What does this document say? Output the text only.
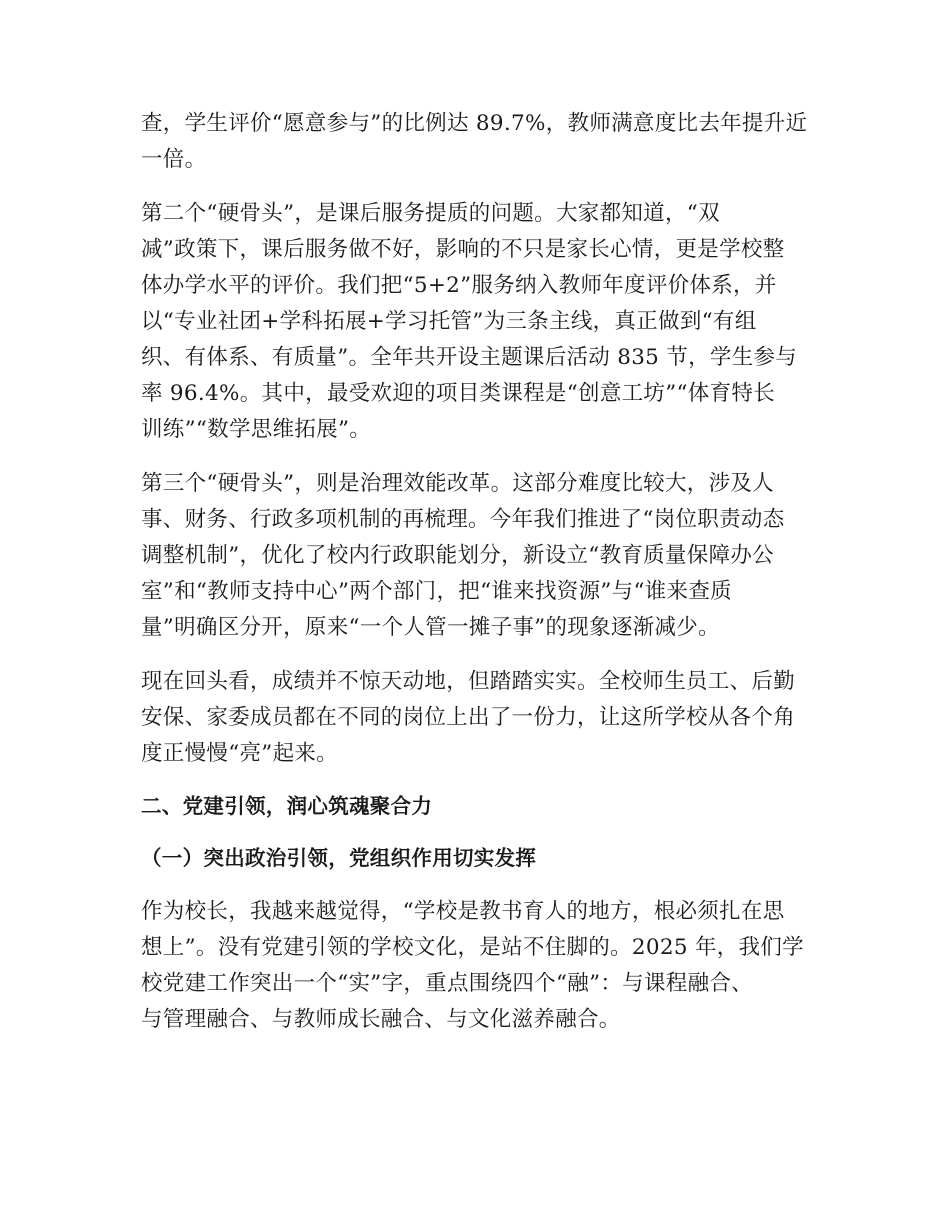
查，学生评价“愿意参与”的比例达 89.7%，教师满意度比去年提升近
一倍。

第二个“硬骨头”，是课后服务提质的问题。大家都知道，“双
减”政策下，课后服务做不好，影响的不只是家长心情，更是学校整
体办学水平的评价。我们把“5+2”服务纳入教师年度评价体系，并
以“专业社团+学科拓展+学习托管”为三条主线，真正做到“有组
织、有体系、有质量”。全年共开设主题课后活动 835 节，学生参与
率 96.4%。其中，最受欢迎的项目类课程是“创意工坊”“体育特长
训练”“数学思维拓展”。

第三个“硬骨头”，则是治理效能改革。这部分难度比较大，涉及人
事、财务、行政多项机制的再梳理。今年我们推进了“岗位职责动态
调整机制”，优化了校内行政职能划分，新设立“教育质量保障办公
室”和“教师支持中心”两个部门，把“谁来找资源”与“谁来查质
量”明确区分开，原来“一个人管一摊子事”的现象逐渐减少。

现在回头看，成绩并不惊天动地，但踏踏实实。全校师生员工、后勤
安保、家委成员都在不同的岗位上出了一份力，让这所学校从各个角
度正慢慢“亮”起来。

二、党建引领，润心筑魂聚合力
（一）突出政治引领，党组织作用切实发挥

作为校长，我越来越觉得，“学校是教书育人的地方，根必须扎在思
想上”。没有党建引领的学校文化，是站不住脚的。2025 年，我们学
校党建工作突出一个“实”字，重点围绕四个“融”：与课程融合、
与管理融合、与教师成长融合、与文化滋养融合。
